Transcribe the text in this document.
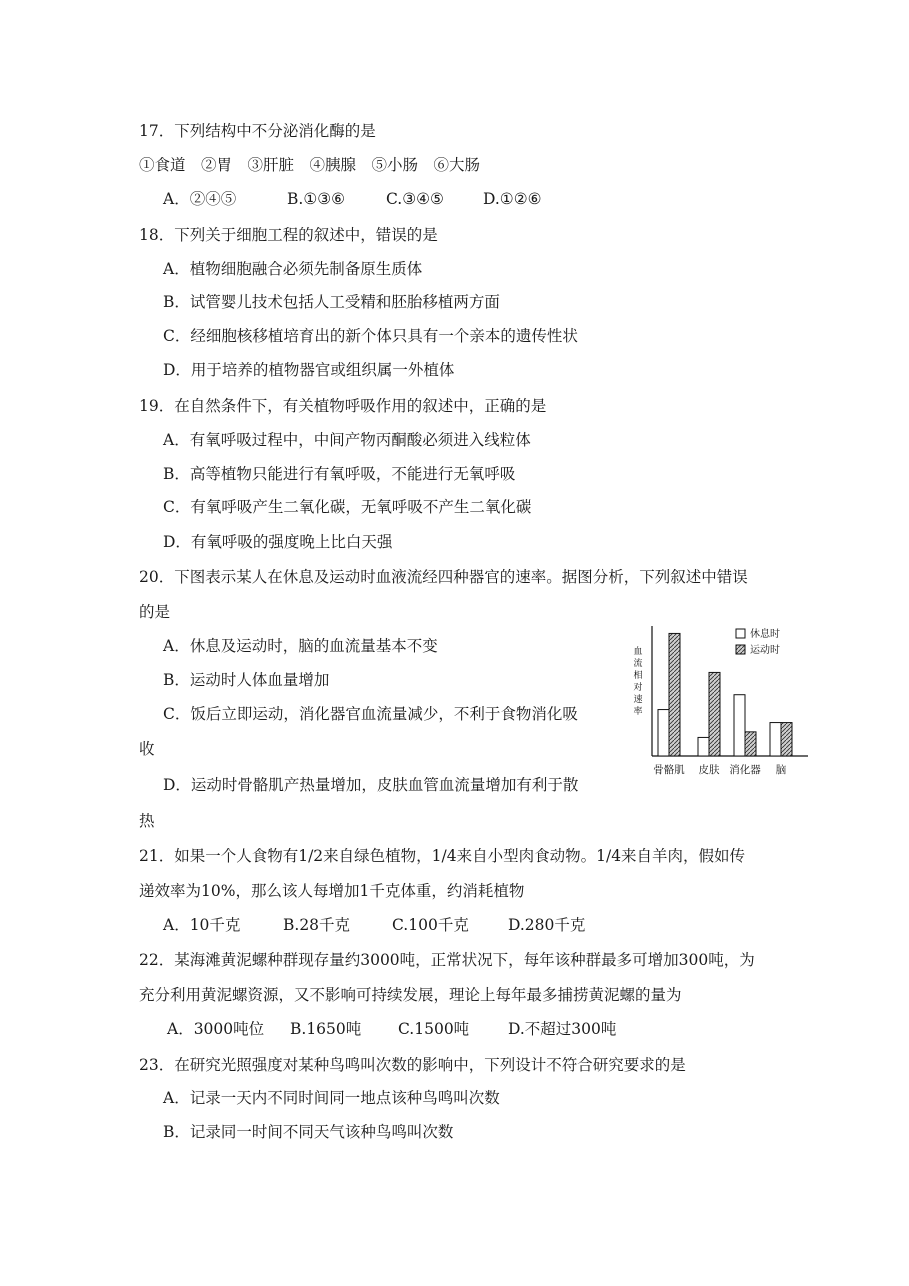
17．下列结构中不分泌消化酶的是
①食道　②胃　③肝脏　④胰腺　⑤小肠　⑥大肠
A．②④⑤	B.①③⑥	C.③④⑤	D.①②⑥
18．下列关于细胞工程的叙述中，错误的是
A．植物细胞融合必须先制备原生质体
B．试管婴儿技术包括人工受精和胚胎移植两方面
C．经细胞核移植培育出的新个体只具有一个亲本的遗传性状
D．用于培养的植物器官或组织属一外植体
19．在自然条件下，有关植物呼吸作用的叙述中，正确的是
A．有氧呼吸过程中，中间产物丙酮酸必须进入线粒体
B．高等植物只能进行有氧呼吸，不能进行无氧呼吸
C．有氧呼吸产生二氧化碳，无氧呼吸不产生二氧化碳
D．有氧呼吸的强度晚上比白天强
20．下图表示某人在休息及运动时血液流经四种器官的速率。据图分析，下列叙述中错误
的是
A．休息及运动时，脑的血流量基本不变
B．运动时人体血量增加
C．饭后立即运动，消化器官血流量减少，不利于食物消化吸
收
D．运动时骨骼肌产热量增加，皮肤血管血流量增加有利于散
热
骨骼肌 皮肤 消化器 脑
血流相对速率
休息时
运动时
21．如果一个人食物有1/2来自绿色植物，1/4来自小型肉食动物。1/4来自羊肉，假如传
递效率为10%，那么该人每增加1千克体重，约消耗植物
A．10千克	B.28千克	C.100千克	D.280千克
22．某海滩黄泥螺种群现存量约3000吨，正常状况下，每年该种群最多可增加300吨，为
充分利用黄泥螺资源，又不影响可持续发展，理论上每年最多捕捞黄泥螺的量为
A．3000吨位 B.1650吨 C.1500吨	D.不超过300吨
23．在研究光照强度对某种鸟鸣叫次数的影响中，下列设计不符合研究要求的是
A．记录一天内不同时间同一地点该种鸟鸣叫次数
B．记录同一时间不同天气该种鸟鸣叫次数
